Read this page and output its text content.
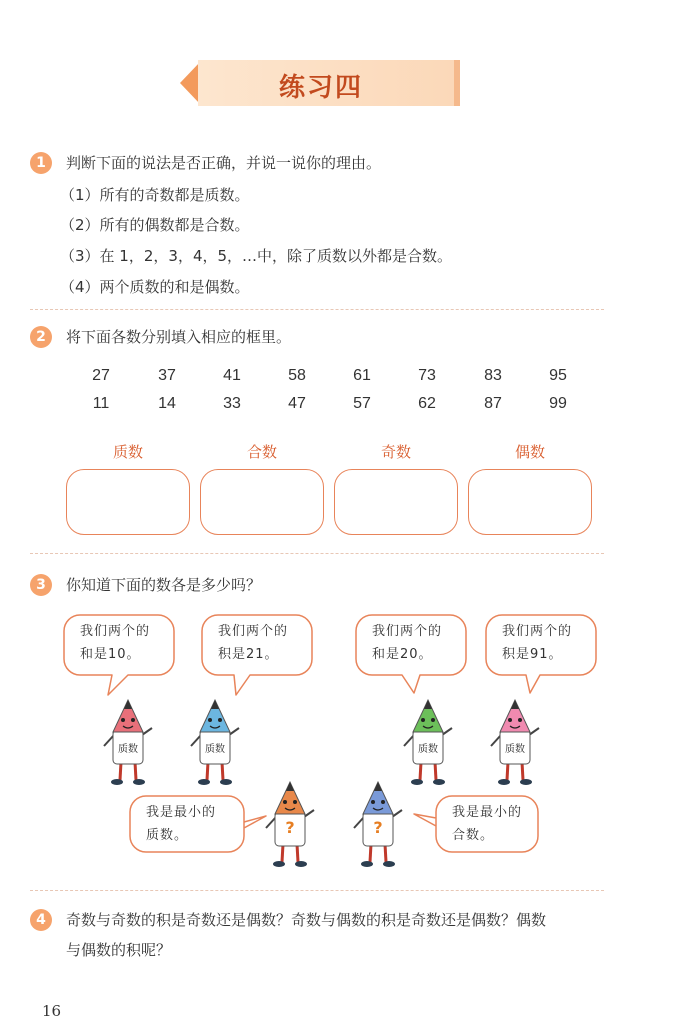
练习四
1	判断下面的说法是否正确，并说一说你的理由。
（1）所有的奇数都是质数。
（2）所有的偶数都是合数。
（3）在 1，2，3，4，5，…中，除了质数以外都是合数。
（4）两个质数的和是偶数。
2	将下面各数分别填入相应的框里。
27	37	41	58	61	73	83	95
11	14	33	47	57	62	87	99
质数	合数	奇数	偶数
3	你知道下面的数各是多少吗？
我们两个的
和是10。
我们两个的
积是21。
我们两个的
和是20。
我们两个的
积是91。
我是最小的
质数。
我是最小的
合数。
质数	质数	质数	质数
?	?
4	奇数与奇数的积是奇数还是偶数？奇数与偶数的积是奇数还是偶数？偶数
与偶数的积呢？
16
